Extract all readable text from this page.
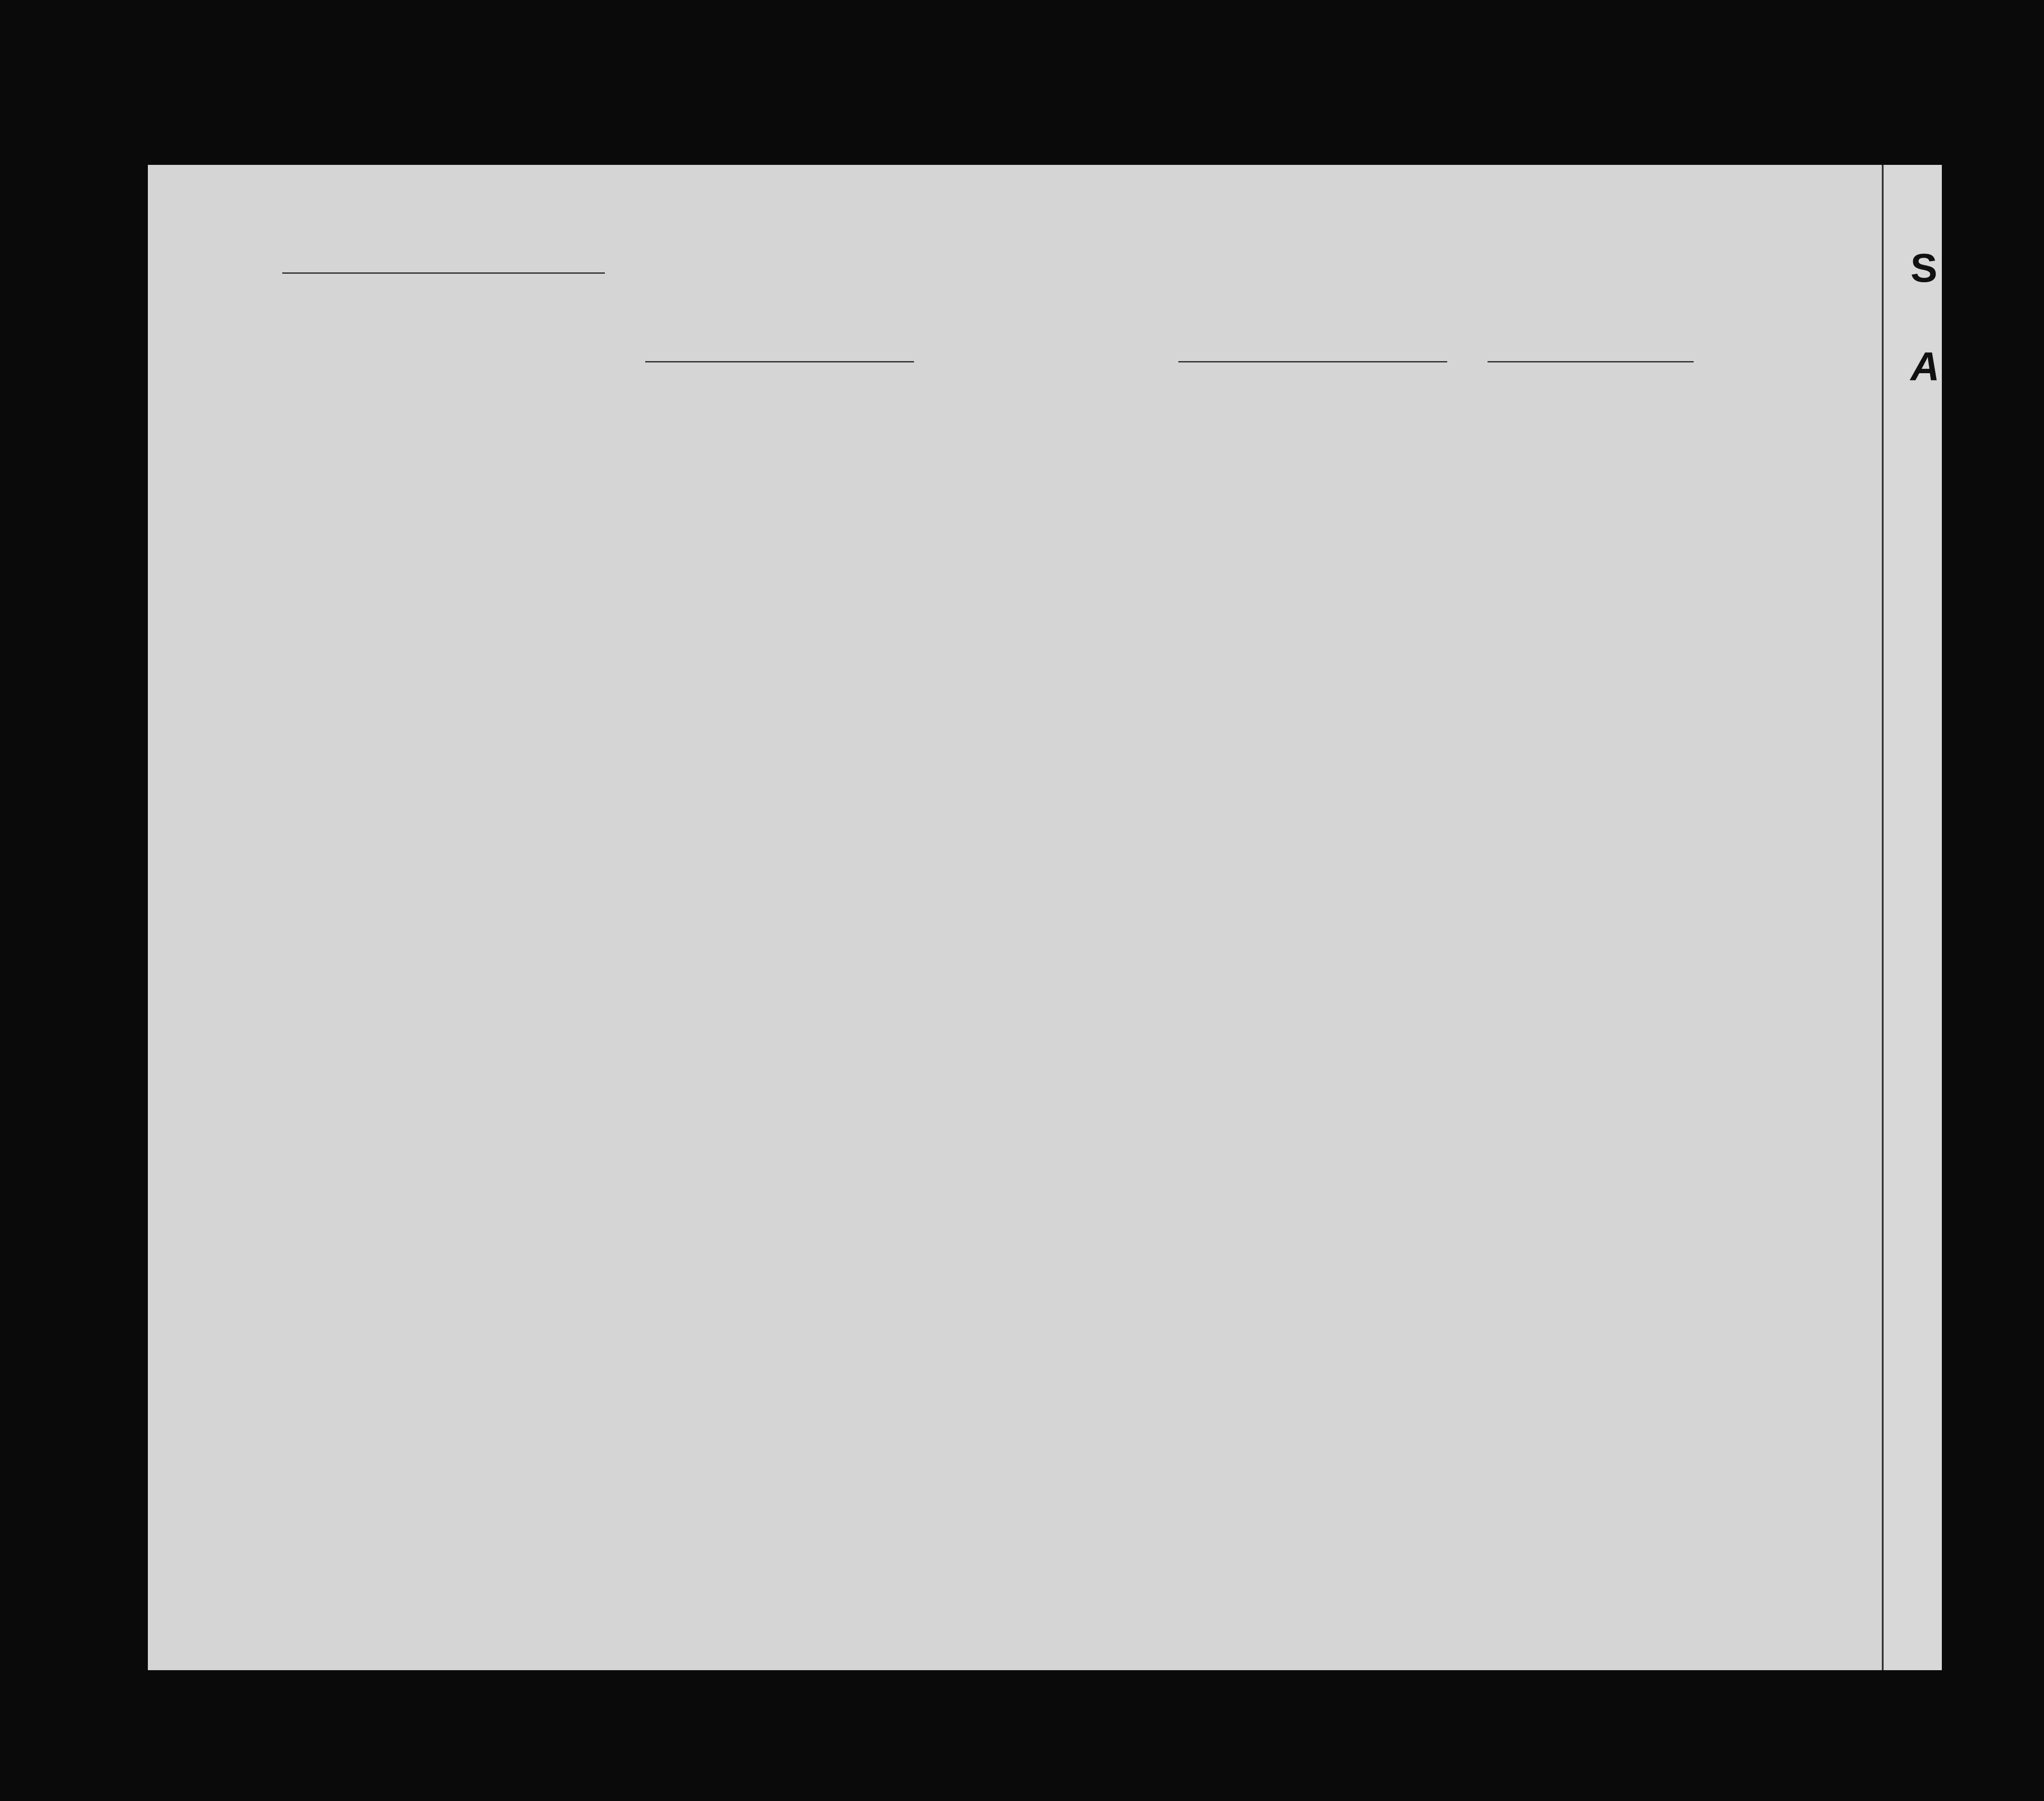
S
A
